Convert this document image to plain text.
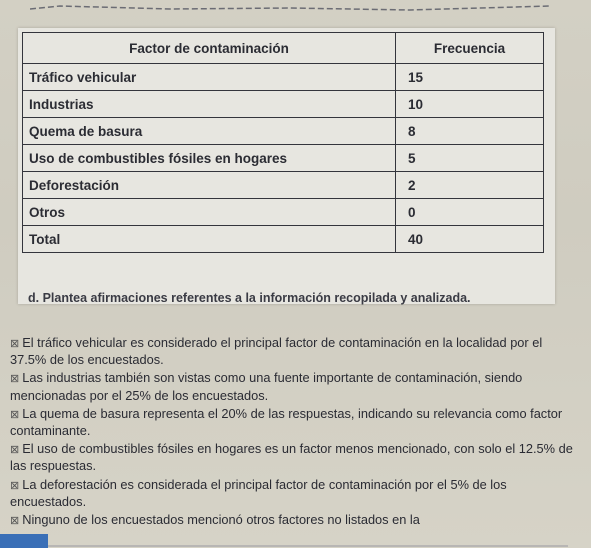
Factor de contaminación	Frecuencia
Tráfico vehicular	15
Industrias	10
Quema de basura	8
Uso de combustibles fósiles en hogares	5
Deforestación	2
Otros	0
Total	40
d. Plantea afirmaciones referentes a la información recopilada y analizada.
⊠ El tráfico vehicular es considerado el principal factor de contaminación en la localidad por el 37.5% de los encuestados.
⊠ Las industrias también son vistas como una fuente importante de contaminación, siendo mencionadas por el 25% de los encuestados.
⊠ La quema de basura representa el 20% de las respuestas, indicando su relevancia como factor contaminante.
⊠ El uso de combustibles fósiles en hogares es un factor menos mencionado, con solo el 12.5% de las respuestas.
⊠ La deforestación es considerada el principal factor de contaminación por el 5% de los encuestados.
⊠ Ninguno de los encuestados mencionó otros factores no listados en la
